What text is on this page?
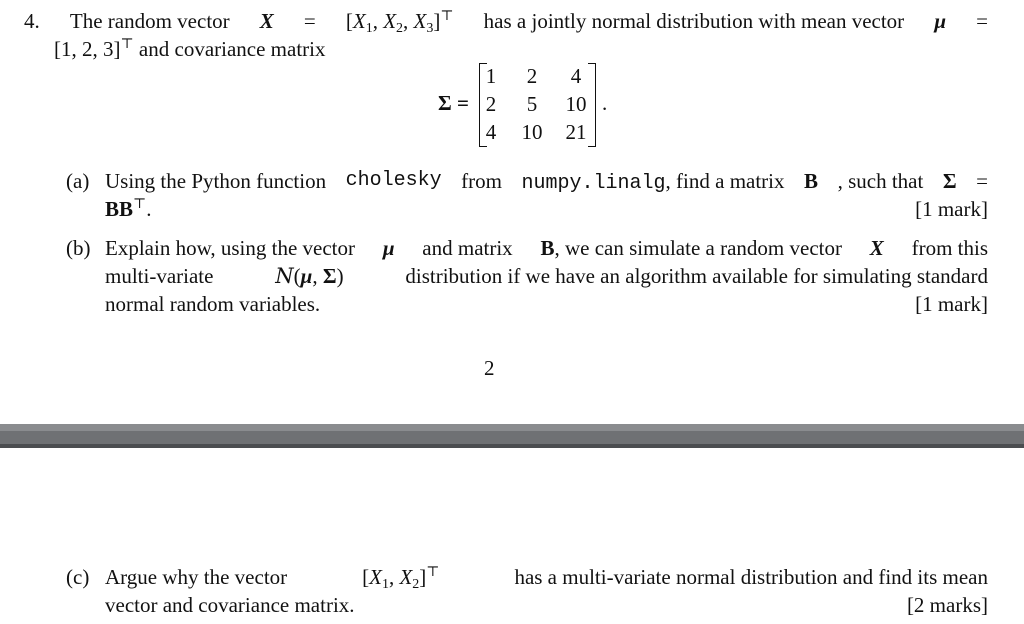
4. The random vector $X = [X_1$, $X_2$, $X_3]^⊤$ has a jointly normal distribution with mean vector μ =
[1, 2, 3]⊤ and covariance matrix
Σ =
1	2	4
2	5	10
4 10 21
.
(a) Using the Python function cholesky from numpy.linalg, find a matrix B , such that Σ =
BB⊤.	[1 mark]
(b) Explain how, using the vector μ and matrix B, we can simulate a random vector X from this
multi-variate	N(μ, Σ)	distribution if we have an algorithm available for simulating standard
normal random variables.	[1 mark]
2
(c) Argue why the vector	[$X_1$, $X_2]^⊤$	has a multi-variate normal distribution and find its mean
vector and covariance matrix.	[2 marks]
